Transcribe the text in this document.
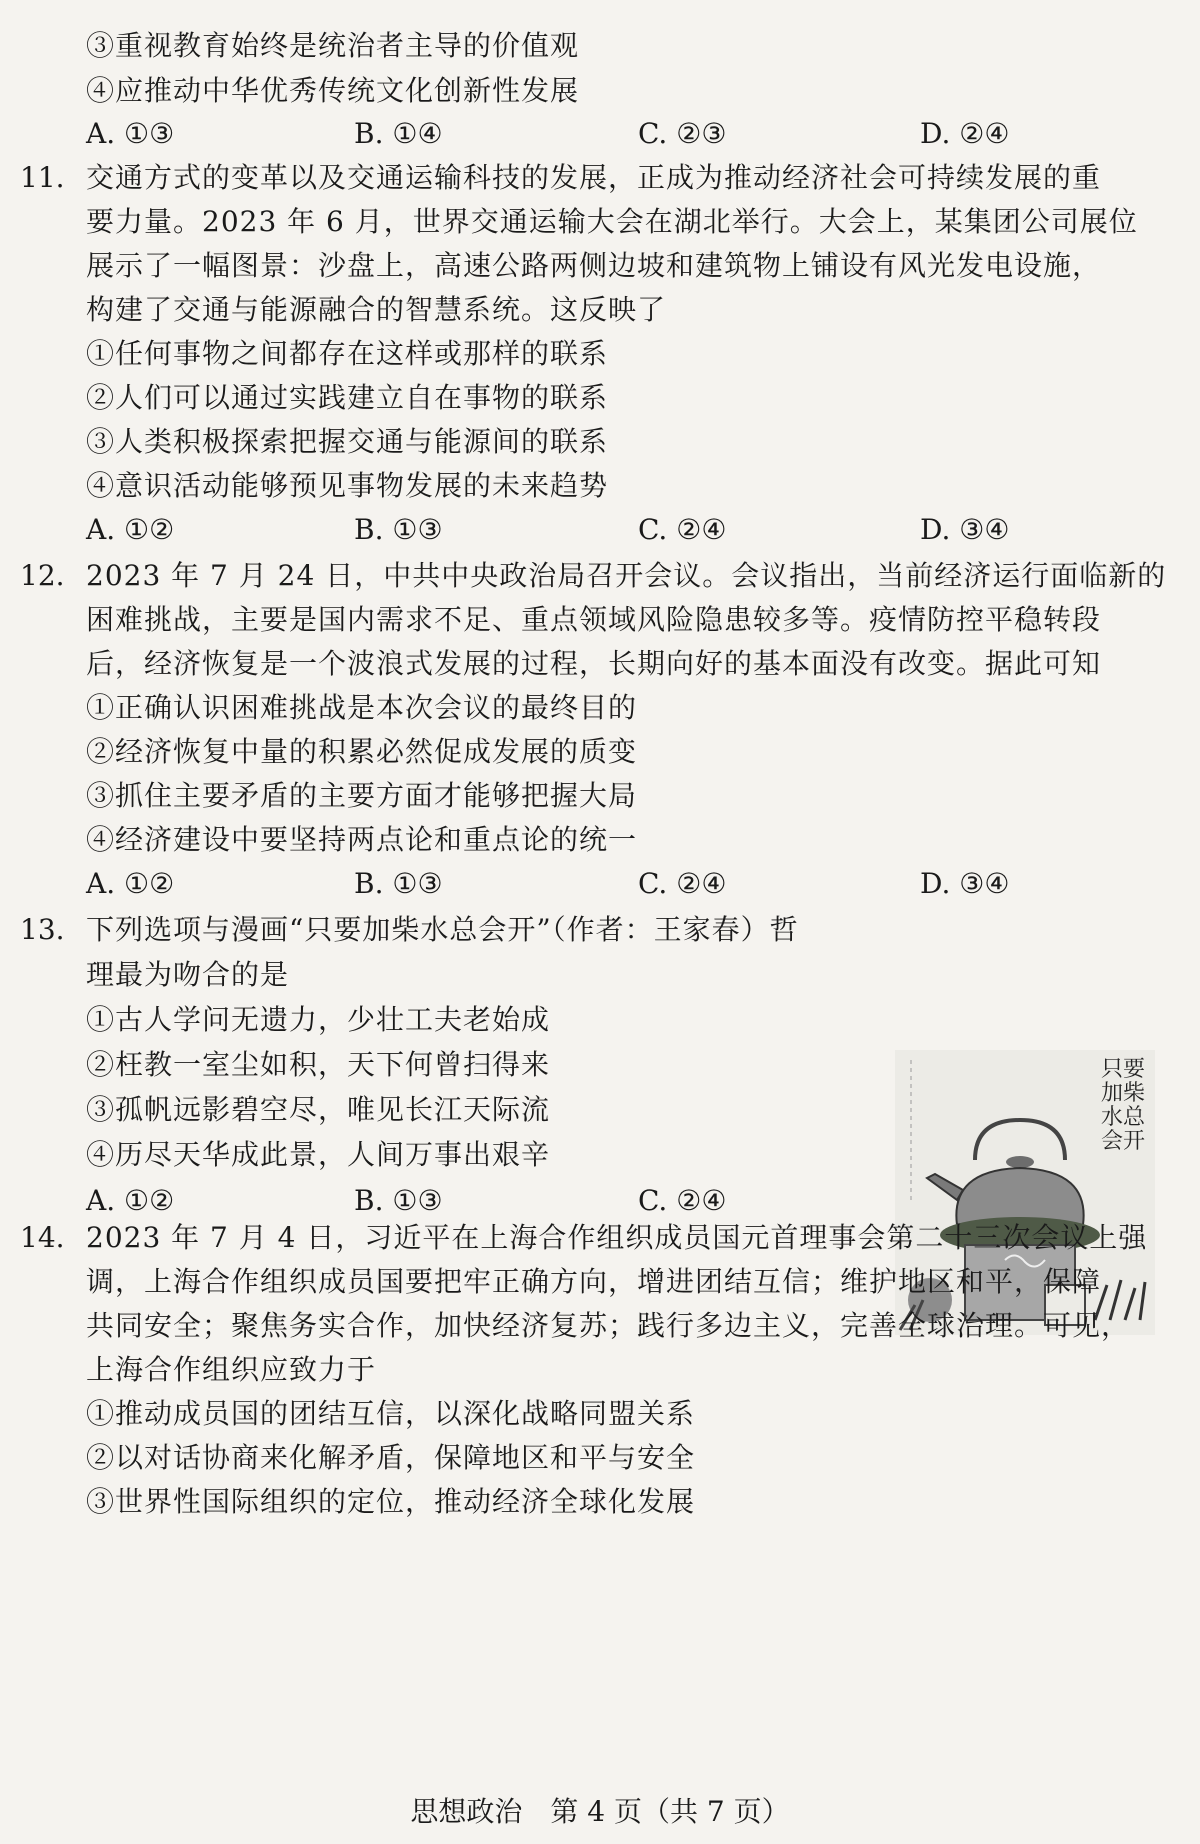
③重视教育始终是统治者主导的价值观
④应推动中华优秀传统文化创新性发展
A. ①③	B. ①④	C. ②③	D. ②④
11. 交通方式的变革以及交通运输科技的发展，正成为推动经济社会可持续发展的重
要力量。2023 年 6 月，世界交通运输大会在湖北举行。大会上，某集团公司展位
展示了一幅图景：沙盘上，高速公路两侧边坡和建筑物上铺设有风光发电设施，
构建了交通与能源融合的智慧系统。这反映了
①任何事物之间都存在这样或那样的联系
②人们可以通过实践建立自在事物的联系
③人类积极探索把握交通与能源间的联系
④意识活动能够预见事物发展的未来趋势
A. ①②	B. ①③	C. ②④	D. ③④
12. 2023 年 7 月 24 日，中共中央政治局召开会议。会议指出，当前经济运行面临新的
困难挑战，主要是国内需求不足、重点领域风险隐患较多等。疫情防控平稳转段
后，经济恢复是一个波浪式发展的过程，长期向好的基本面没有改变。据此可知
①正确认识困难挑战是本次会议的最终目的
②经济恢复中量的积累必然促成发展的质变
③抓住主要矛盾的主要方面才能够把握大局
④经济建设中要坚持两点论和重点论的统一
A. ①②	B. ①③	C. ②④	D. ③④
13. 下列选项与漫画“只要加柴水总会开”（作者：王家春）哲
理最为吻合的是
①古人学问无遗力，少壮工夫老始成
②枉教一室尘如积，天下何曾扫得来
③孤帆远影碧空尽，唯见长江天际流
④历尽天华成此景，人间万事出艰辛
A. ①②	B. ①③	C. ②④
只要加柴水总会开
14. 2023 年 7 月 4 日，习近平在上海合作组织成员国元首理事会第二十三次会议上强
调，上海合作组织成员国要把牢正确方向，增进团结互信；维护地区和平，保障
共同安全；聚焦务实合作，加快经济复苏；践行多边主义，完善全球治理。可见，
上海合作组织应致力于
①推动成员国的团结互信，以深化战略同盟关系
②以对话协商来化解矛盾，保障地区和平与安全
③世界性国际组织的定位，推动经济全球化发展
思想政治　第 4 页（共 7 页）
